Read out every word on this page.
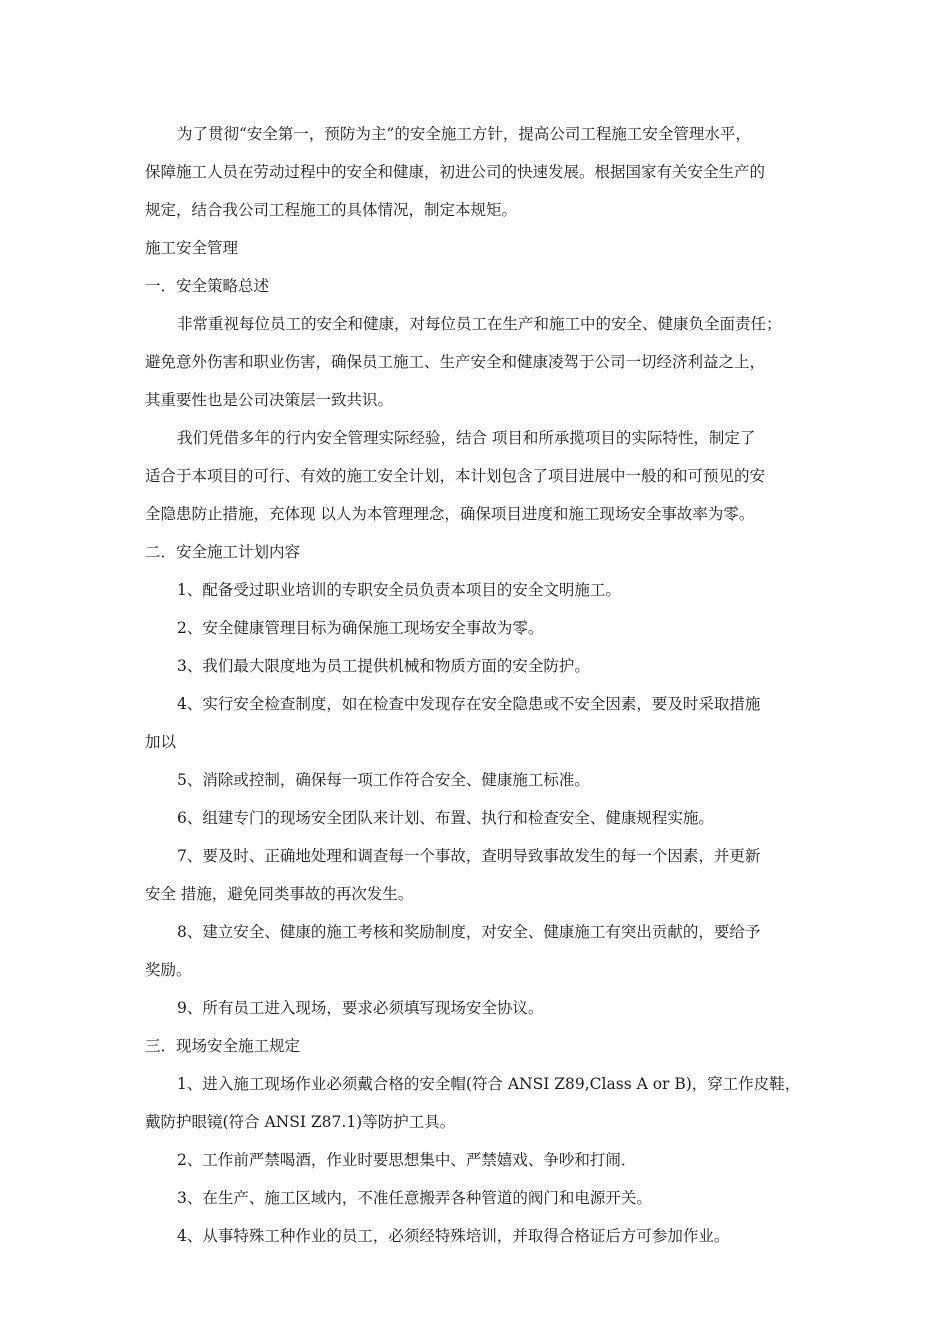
为了贯彻“安全第一，预防为主”的安全施工方针，提高公司工程施工安全管理水平，
保障施工人员在劳动过程中的安全和健康，初进公司的快速发展。根据国家有关安全生产的
规定，结合我公司工程施工的具体情况，制定本规矩。
施工安全管理
一．安全策略总述
非常重视每位员工的安全和健康，对每位员工在生产和施工中的安全、健康负全面责任；
避免意外伤害和职业伤害，确保员工施工、生产安全和健康凌驾于公司一切经济利益之上，
其重要性也是公司决策层一致共识。
我们凭借多年的行内安全管理实际经验，结合 项目和所承揽项目的实际特性，制定了
适合于本项目的可行、有效的施工安全计划，本计划包含了项目进展中一般的和可预见的安
全隐患防止措施，充体现 以人为本管理理念，确保项目进度和施工现场安全事故率为零。
二．安全施工计划内容
1、配备受过职业培训的专职安全员负责本项目的安全文明施工。
2、安全健康管理目标为确保施工现场安全事故为零。
3、我们最大限度地为员工提供机械和物质方面的安全防护。
4、实行安全检查制度，如在检查中发现存在安全隐患或不安全因素，要及时采取措施
加以
5、消除或控制，确保每一项工作符合安全、健康施工标准。
6、组建专门的现场安全团队来计划、布置、执行和检查安全、健康规程实施。
7、要及时、正确地处理和调查每一个事故，查明导致事故发生的每一个因素，并更新
安全 措施，避免同类事故的再次发生。
8、建立安全、健康的施工考核和奖励制度，对安全、健康施工有突出贡献的，要给予
奖励。
9、所有员工进入现场，要求必须填写现场安全协议。
三．现场安全施工规定
1、进入施工现场作业必须戴合格的安全帽(符合 ANSI Z89,Class A or B)，穿工作皮鞋，
戴防护眼镜(符合 ANSI Z87.1)等防护工具。
2、工作前严禁喝酒，作业时要思想集中、严禁嬉戏、争吵和打闹．
3、在生产、施工区域内，不准任意搬弄各种管道的阀门和电源开关。
4、从事特殊工种作业的员工，必须经特殊培训，并取得合格证后方可参加作业。
